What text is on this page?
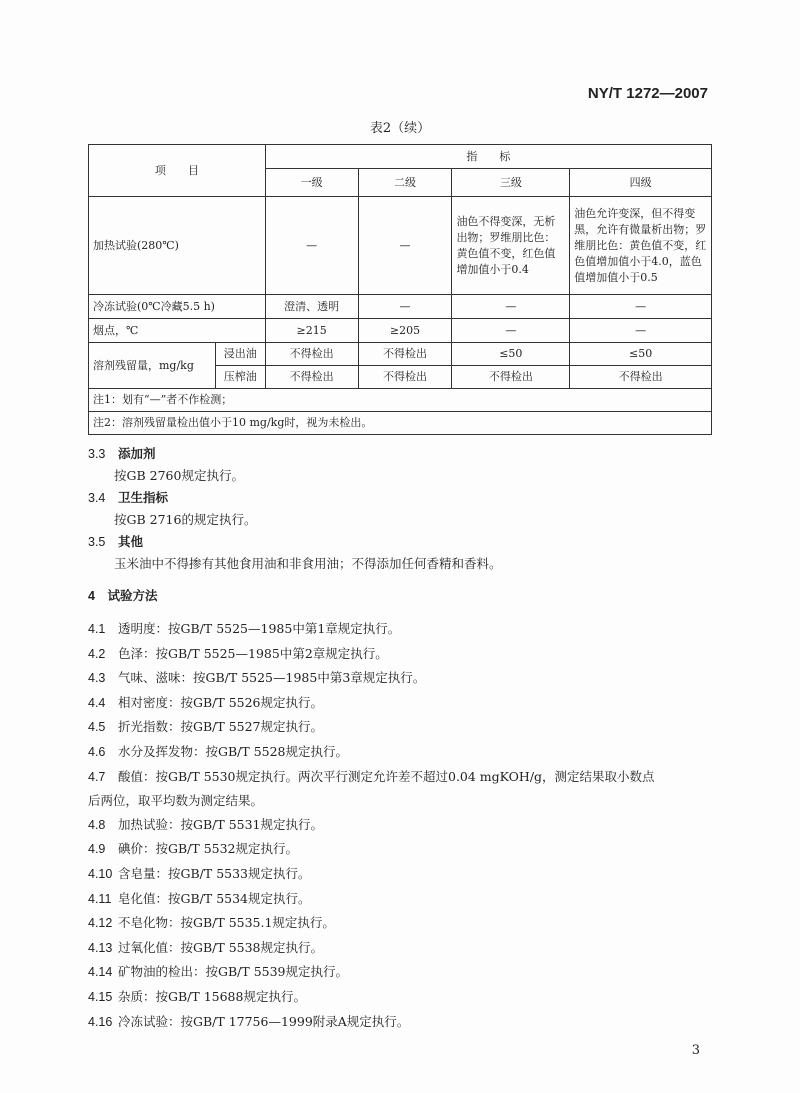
NY/T 1272—2007
表2（续）
项　　目		指　　标			
		一级	二级	三级	四级
加热试验(280℃)		—	—	油色不得变深，无析出物；罗维朋比色：黄色值不变，红色值增加值小于0.4	油色允许变深，但不得变黑，允许有微量析出物；罗维朋比色：黄色值不变，红色值增加值小于4.0，蓝色值增加值小于0.5
冷冻试验(0℃冷藏5.5 h)		澄清、透明	—	—	—
烟点，℃		≥215	≥205	—	—
溶剂残留量，mg/kg	浸出油	不得检出	不得检出	≤50	≤50
	压榨油	不得检出	不得检出	不得检出	不得检出
注1：划有“—”者不作检测；					
注2：溶剂残留量检出值小于10 mg/kg时，视为未检出。					
3.3 添加剂
按GB 2760规定执行。
3.4 卫生指标
按GB 2716的规定执行。
3.5 其他
玉米油中不得掺有其他食用油和非食用油；不得添加任何香精和香料。
4　试验方法
4.1 透明度：按GB/T 5525—1985中第1章规定执行。
4.2 色泽：按GB/T 5525—1985中第2章规定执行。
4.3 气味、滋味：按GB/T 5525—1985中第3章规定执行。
4.4 相对密度：按GB/T 5526规定执行。
4.5 折光指数：按GB/T 5527规定执行。
4.6 水分及挥发物：按GB/T 5528规定执行。
4.7 酸值：按GB/T 5530规定执行。两次平行测定允许差不超过0.04 mgKOH/g，测定结果取小数点
后两位，取平均数为测定结果。
4.8 加热试验：按GB/T 5531规定执行。
4.9 碘价：按GB/T 5532规定执行。
4.10 含皂量：按GB/T 5533规定执行。
4.11 皂化值：按GB/T 5534规定执行。
4.12 不皂化物：按GB/T 5535.1规定执行。
4.13 过氧化值：按GB/T 5538规定执行。
4.14 矿物油的检出：按GB/T 5539规定执行。
4.15 杂质：按GB/T 15688规定执行。
4.16 冷冻试验：按GB/T 17756—1999附录A规定执行。
3
